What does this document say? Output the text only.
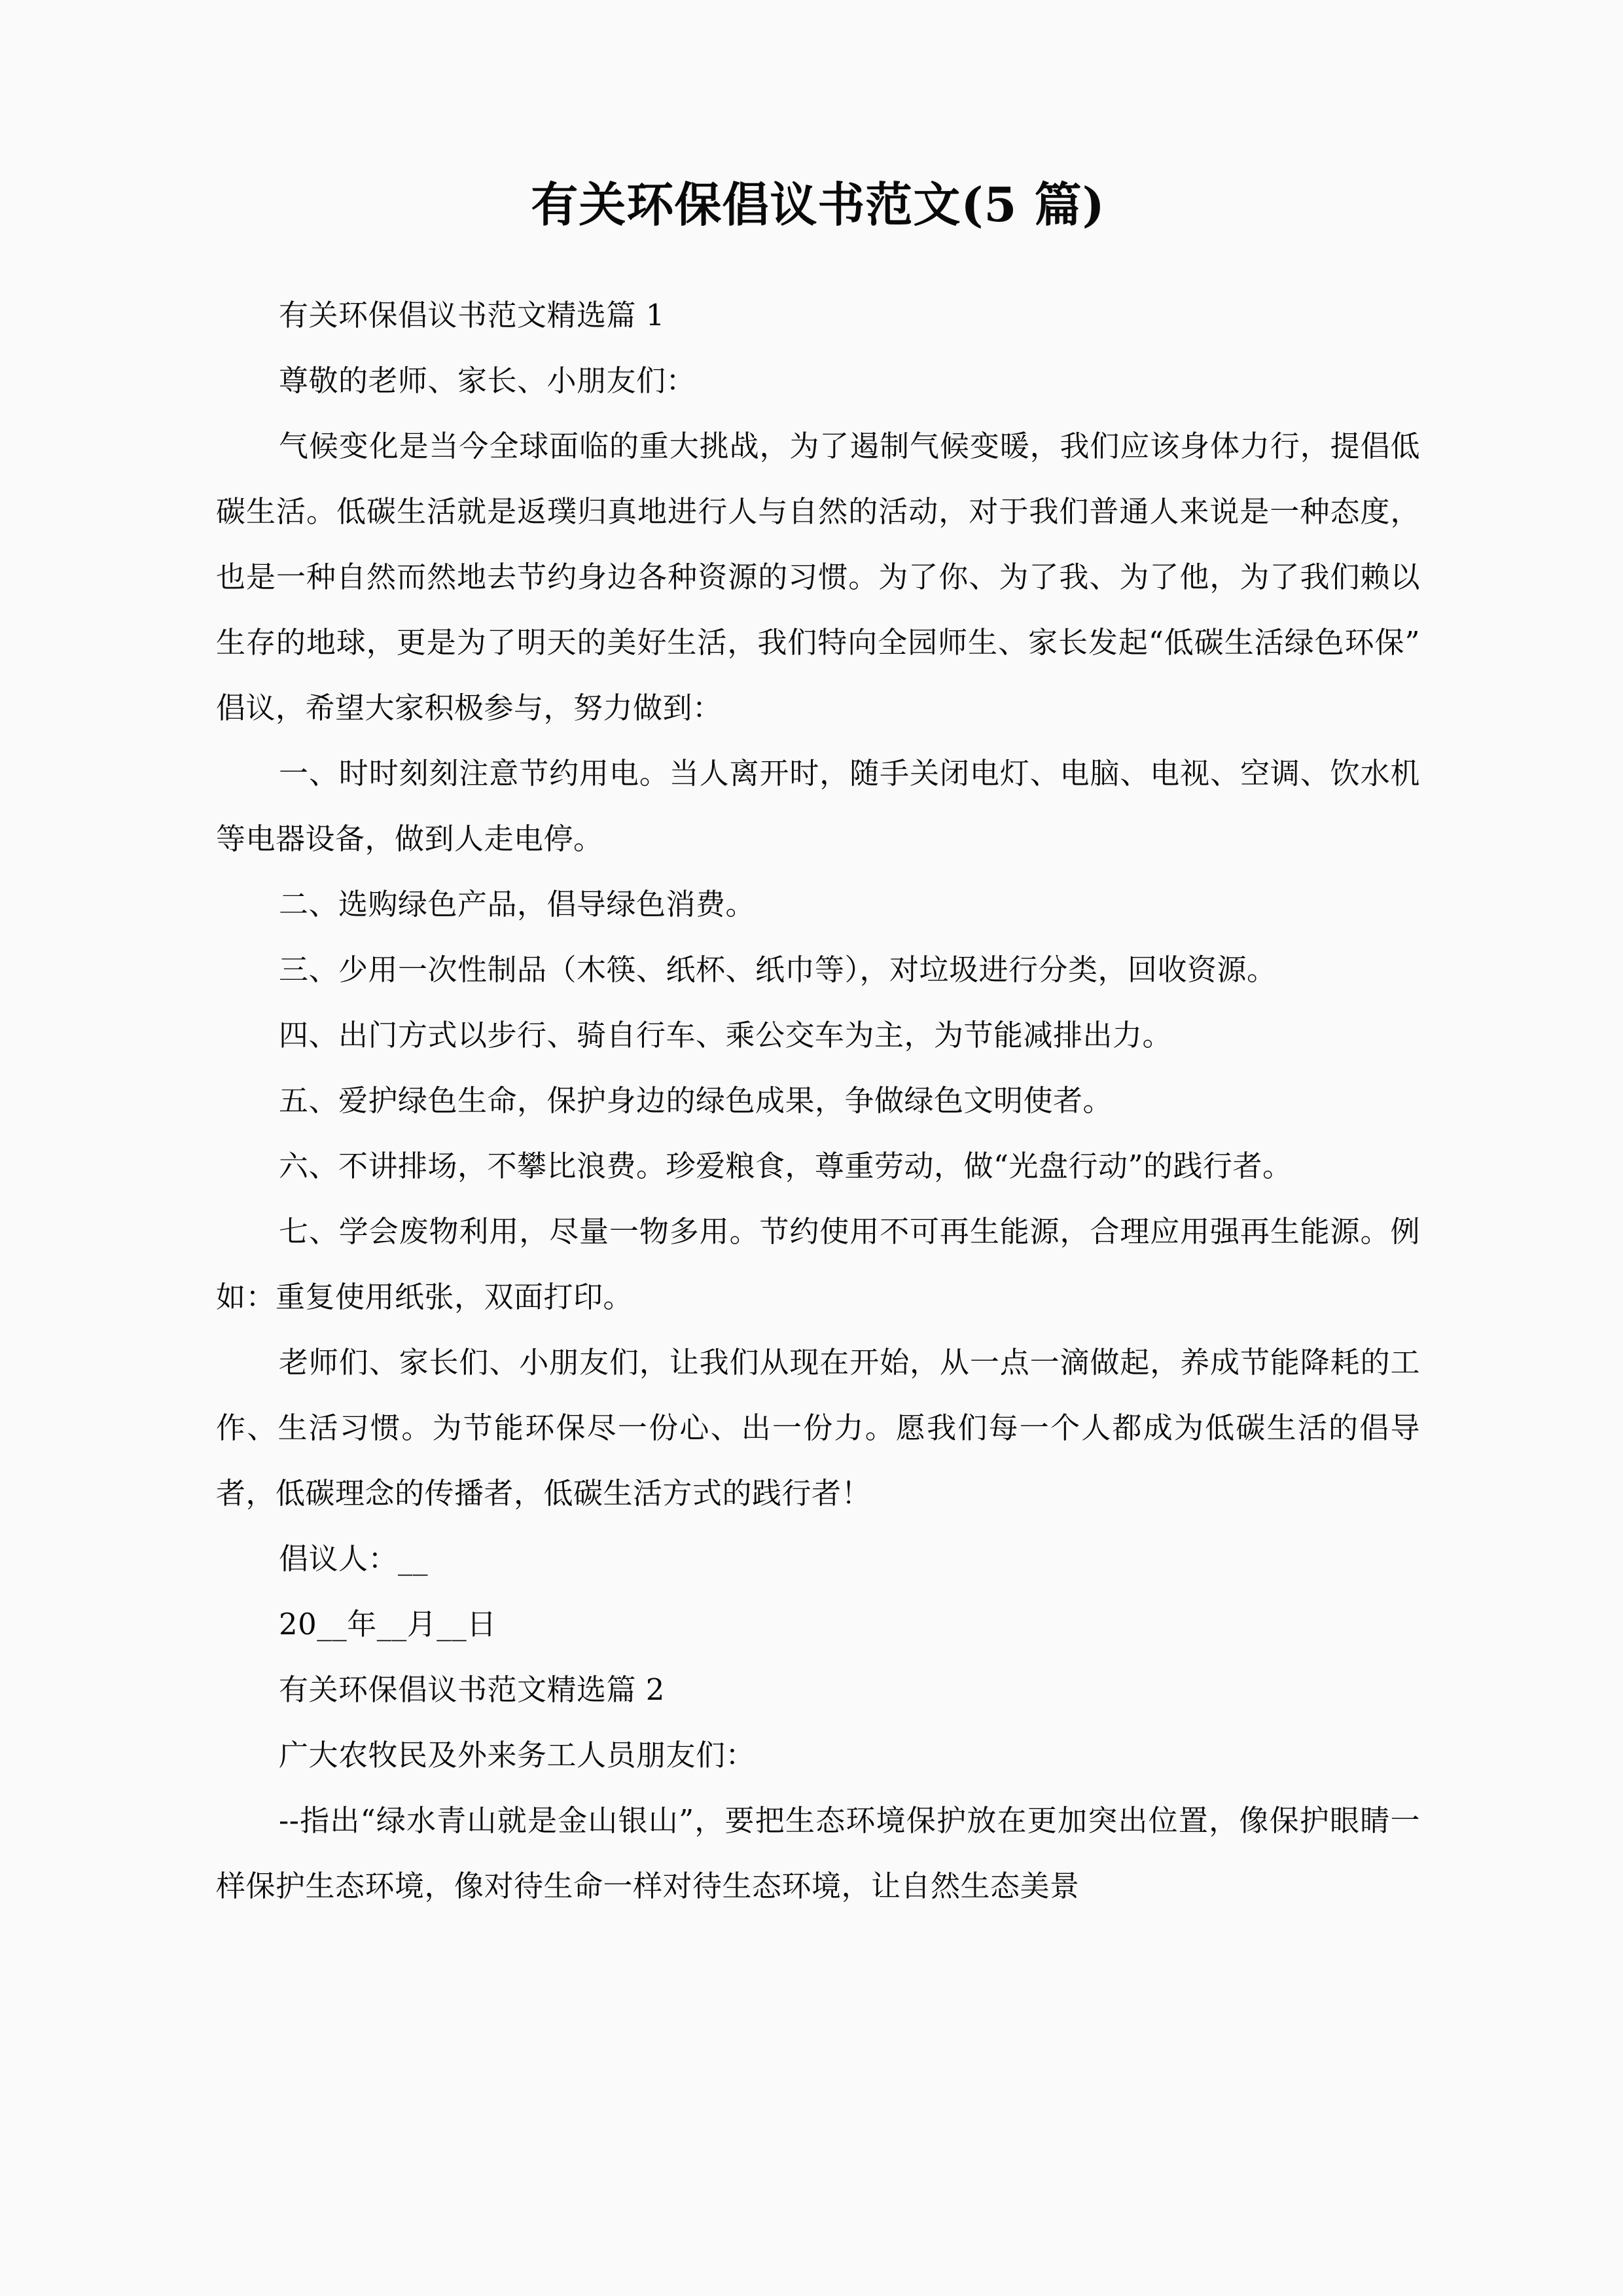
有关环保倡议书范文(5 篇)

有关环保倡议书范文精选篇 1

尊敬的老师、家长、小朋友们：

气候变化是当今全球面临的重大挑战，为了遏制气候变暖，我们应该身体力行，提倡低碳生活。低碳生活就是返璞归真地进行人与自然的活动，对于我们普通人来说是一种态度，也是一种自然而然地去节约身边各种资源的习惯。为了你、为了我、为了他，为了我们赖以生存的地球，更是为了明天的美好生活，我们特向全园师生、家长发起“低碳生活绿色环保”倡议，希望大家积极参与，努力做到：

一、时时刻刻注意节约用电。当人离开时，随手关闭电灯、电脑、电视、空调、饮水机等电器设备，做到人走电停。

二、选购绿色产品，倡导绿色消费。

三、少用一次性制品（木筷、纸杯、纸巾等），对垃圾进行分类，回收资源。

四、出门方式以步行、骑自行车、乘公交车为主，为节能减排出力。

五、爱护绿色生命，保护身边的绿色成果，争做绿色文明使者。

六、不讲排场，不攀比浪费。珍爱粮食，尊重劳动，做“光盘行动”的践行者。

七、学会废物利用，尽量一物多用。节约使用不可再生能源，合理应用强再生能源。例如：重复使用纸张，双面打印。

老师们、家长们、小朋友们，让我们从现在开始，从一点一滴做起，养成节能降耗的工作、生活习惯。为节能环保尽一份心、出一份力。愿我们每一个人都成为低碳生活的倡导者，低碳理念的传播者，低碳生活方式的践行者！

倡议人：__

20__年__月__日

有关环保倡议书范文精选篇 2

广大农牧民及外来务工人员朋友们：

--指出“绿水青山就是金山银山”，要把生态环境保护放在更加突出位置，像保护眼睛一样保护生态环境，像对待生命一样对待生态环境，让自然生态美景
